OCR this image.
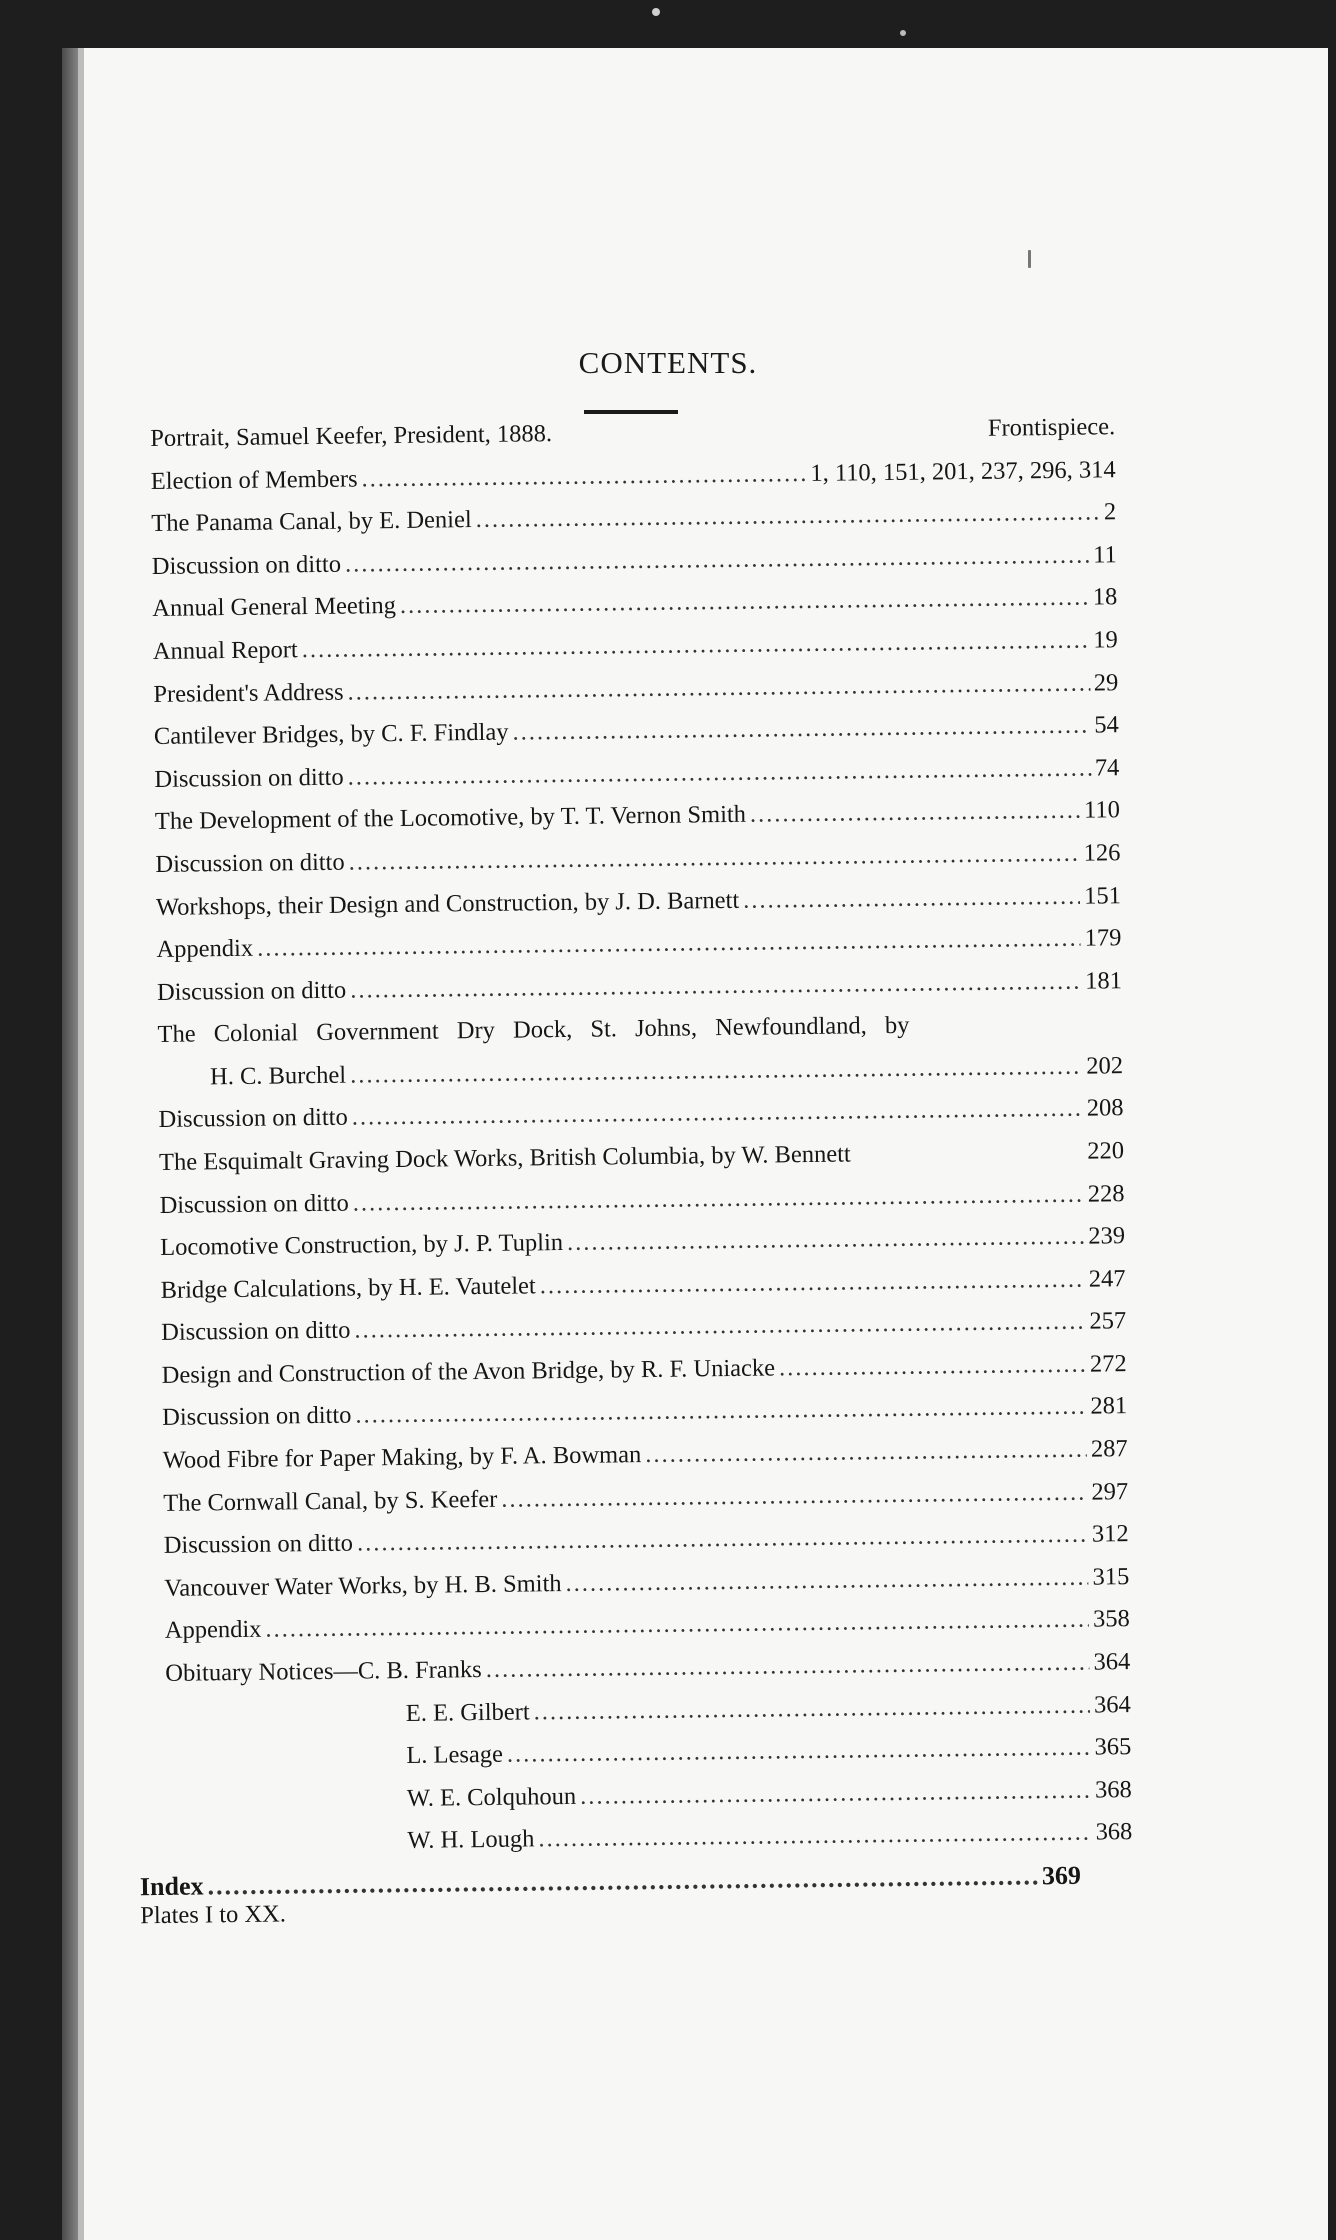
CONTENTS.
Portrait, Samuel Keefer, President, 1888.	Frontispiece.
Election of Members .....	1, 110, 151, 201, 237, 296, 314
The Panama Canal, by E. Deniel .....	2
Discussion on ditto .....	11
Annual General Meeting .....	18
Annual Report .....	19
President's Address .....	29
Cantilever Bridges, by C. F. Findlay .....	54
Discussion on ditto .....	74
The Development of the Locomotive, by T. T. Vernon Smith .....	110
Discussion on ditto .....	126
Workshops, their Design and Construction, by J. D. Barnett .....	151
Appendix .....	179
Discussion on ditto .....	181
The Colonial Government Dry Dock, St. Johns, Newfoundland, by
H. C. Burchel .....	202
Discussion on ditto .....	208
The Esquimalt Graving Dock Works, British Columbia, by W. Bennett	220
Discussion on ditto .....	228
Locomotive Construction, by J. P. Tuplin .....	239
Bridge Calculations, by H. E. Vautelet .....	247
Discussion on ditto .....	257
Design and Construction of the Avon Bridge, by R. F. Uniacke .....	272
Discussion on ditto .....	281
Wood Fibre for Paper Making, by F. A. Bowman .....	287
The Cornwall Canal, by S. Keefer .....	297
Discussion on ditto .....	312
Vancouver Water Works, by H. B. Smith .....	315
Appendix .....	358
Obituary Notices—C. B. Franks .....	364
E. E. Gilbert .....	364
L. Lesage .....	365
W. E. Colquhoun .....	368
W. H. Lough .....	368
Index .....	369
Plates I to XX.
